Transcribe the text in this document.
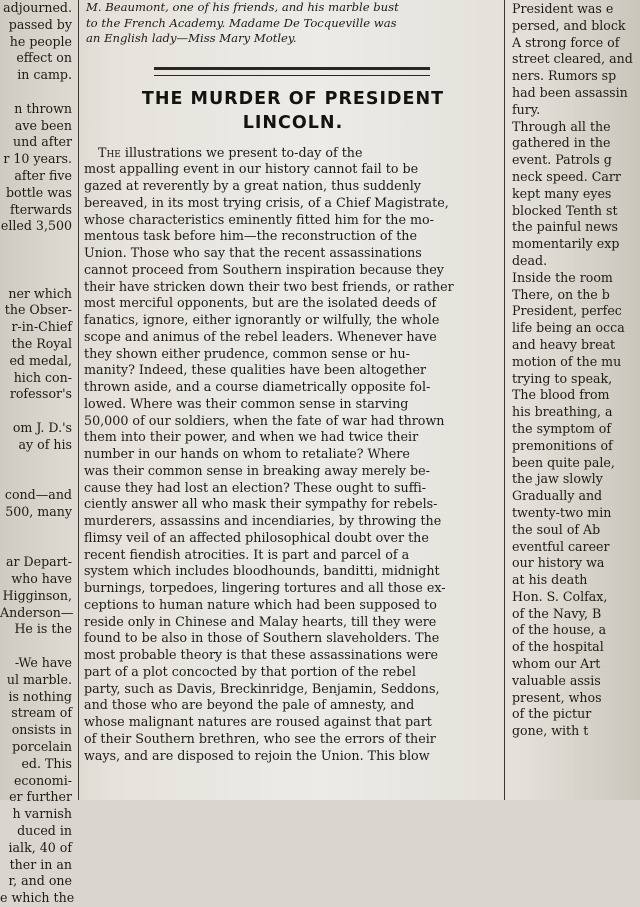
adjourned.
passed by
he people
effect on
in camp.

n thrown
ave been
und after
r 10 years.
after five
bottle was
fterwards
elled 3,500

ner which
the Obser-
r-in-Chief
the Royal
ed medal,
hich con-
rofessor's

om J. D.'s
ay of his

cond—and
500, many

ar Depart-
who have
Higginson,
Anderson—
He is the

-We have
ul marble.
is nothing
stream of
onsists in
porcelain
ed. This
economi-
er further
h varnish
duced in
ialk, 40 of
ther in an
r, and one
e which the
M. Beaumont, one of his friends, and his marble bust
to the French Academy. Madame De Tocqueville was
an English lady—Miss Mary Motley.
THE MURDER OF PRESIDENT
LINCOLN.
The illustrations we present to-day of the
most appalling event in our history cannot fail to be
gazed at reverently by a great nation, thus suddenly
bereaved, in its most trying crisis, of a Chief Magistrate,
whose characteristics eminently fitted him for the mo-
mentous task before him—the reconstruction of the
Union. Those who say that the recent assassinations
cannot proceed from Southern inspiration because they
their have stricken down their two best friends, or rather
most merciful opponents, but are the isolated deeds of
fanatics, ignore, either ignorantly or wilfully, the whole
scope and animus of the rebel leaders. Whenever have
they shown either prudence, common sense or hu-
manity? Indeed, these qualities have been altogether
thrown aside, and a course diametrically opposite fol-
lowed. Where was their common sense in starving
50,000 of our soldiers, when the fate of war had thrown
them into their power, and when we had twice their
number in our hands on whom to retaliate? Where
was their common sense in breaking away merely be-
cause they had lost an election? These ought to suffi-
ciently answer all who mask their sympathy for rebels-
murderers, assassins and incendiaries, by throwing the
flimsy veil of an affected philosophical doubt over the
recent fiendish atrocities. It is part and parcel of a
system which includes bloodhounds, banditti, midnight
burnings, torpedoes, lingering tortures and all those ex-
ceptions to human nature which had been supposed to
reside only in Chinese and Malay hearts, till they were
found to be also in those of Southern slaveholders. The
most probable theory is that these assassinations were
part of a plot concocted by that portion of the rebel
party, such as Davis, Breckinridge, Benjamin, Seddons,
and those who are beyond the pale of amnesty, and
whose malignant natures are roused against that part
of their Southern brethren, who see the errors of their
ways, and are disposed to rejoin the Union. This blow
President was e
persed, and block
A strong force of
street cleared, and
ners. Rumors sp
had been assassin
fury.
Through all the
gathered in the
event. Patrols g
neck speed. Carr
kept many eyes
blocked Tenth st
the painful news
momentarily exp
dead.
Inside the room
There, on the b
President, perfec
life being an occa
and heavy breat
motion of the mu
trying to speak,
The blood from
his breathing, a
the symptom of
premonitions of
been quite pale,
the jaw slowly
Gradually and
twenty-two min
the soul of Ab
eventful career
our history wa
at his death
Hon. S. Colfax,
of the Navy, B
of the house, a
of the hospital
whom our Art
valuable assis
present, whos
of the pictur
gone, with t
